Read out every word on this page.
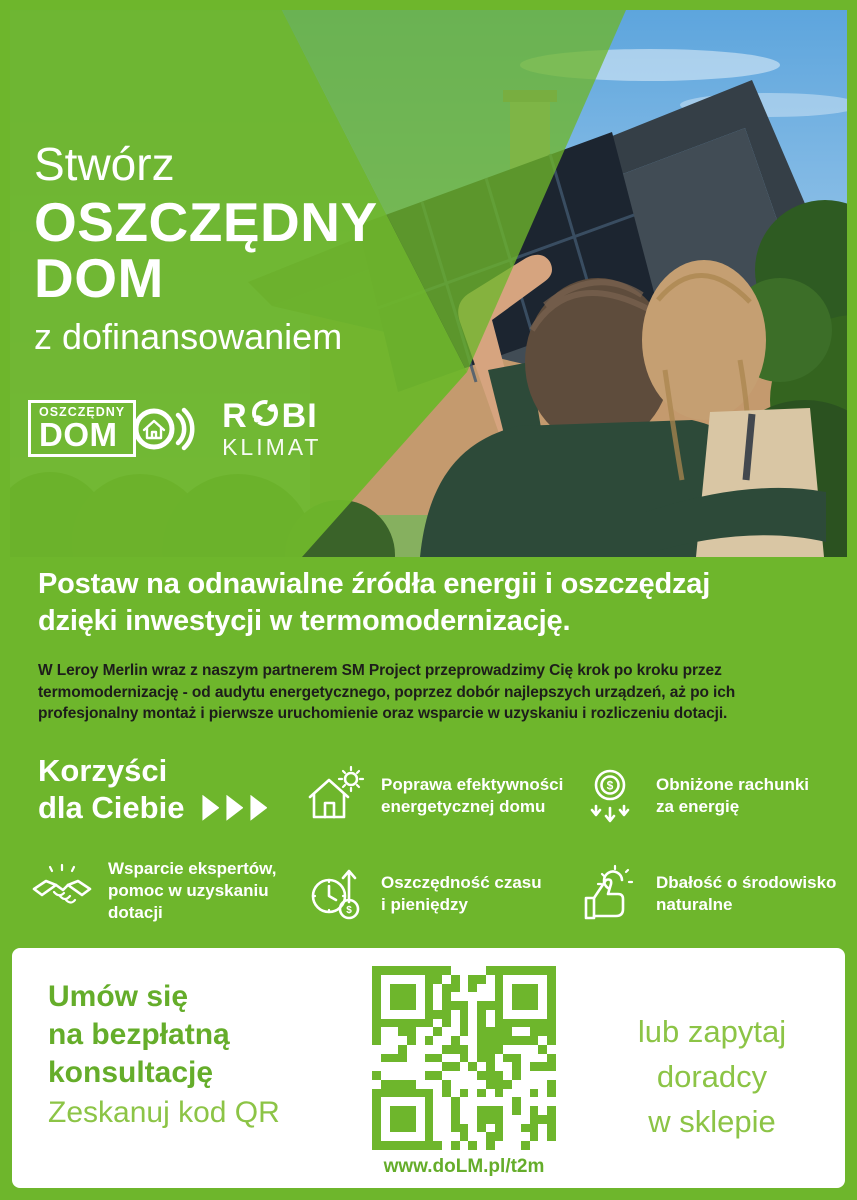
Stwórz
OSZCZĘDNY
DOM
z dofinansowaniem
OSZCZĘDNY
DOM	R BI
KLIMAT
Postaw na odnawialne źródła energii i oszczędzaj
dzięki inwestycji w termomodernizację.
W Leroy Merlin wraz z naszym partnerem SM Project przeprowadzimy Cię krok po kroku przez termomodernizację - od audytu energetycznego, poprzez dobór najlepszych urządzeń, aż po ich profesjonalny montaż i pierwsze uruchomienie oraz wsparcie w uzyskaniu i rozliczeniu dotacji.
Korzyści
dla Ciebie
Poprawa efektywności
energetycznej domu
$	Obniżone rachunki
za energię
Wsparcie ekspertów,
pomoc w uzyskaniu
dotacji	$
Oszczędność czasu
i pieniędzy
Dbałość o środowisko
naturalne
Umów się
na bezpłatną
konsultację
Zeskanuj kod QR
www.doLM.pl/t2m
lub zapytaj
doradcy
w sklepie
